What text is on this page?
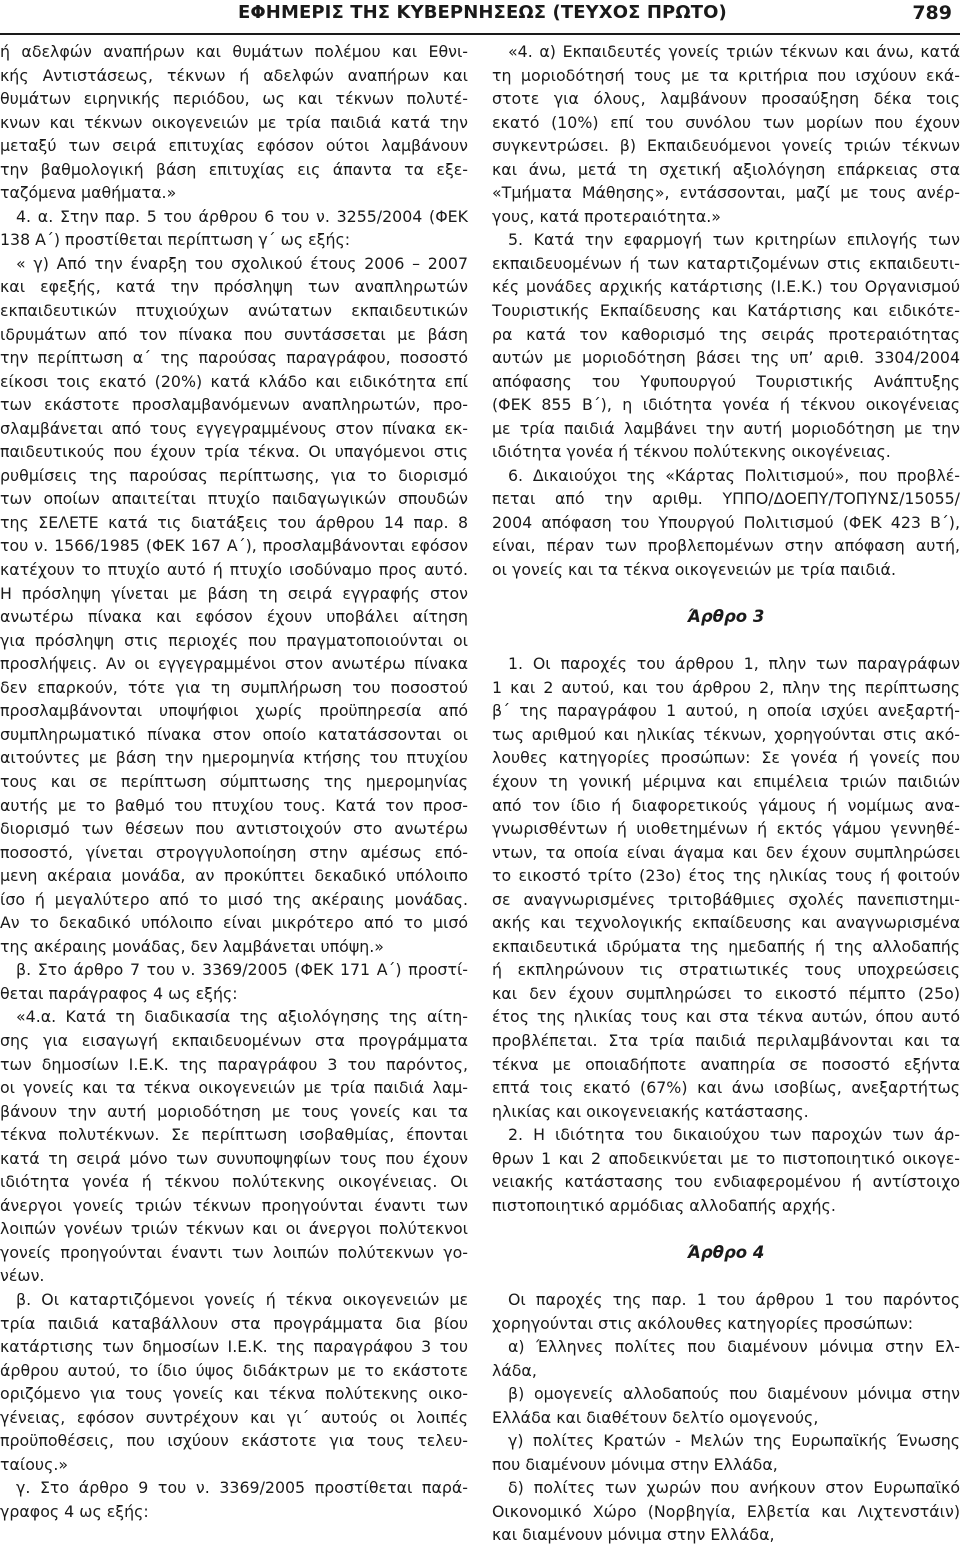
ΕΦΗΜΕΡΙΣ ΤΗΣ ΚΥΒΕΡΝΗΣΕΩΣ (ΤΕΥΧΟΣ ΠΡΩΤΟ)	789
ή αδελφών αναπήρων και θυμάτων πολέμου και Εθνι-
κής Αντιστάσεως, τέκνων ή αδελφών αναπήρων και
θυμάτων ειρηνικής περιόδου, ως και τέκνων πολυτέ-
κνων και τέκνων οικογενειών με τρία παιδιά κατά την
μεταξύ των σειρά επιτυχίας εφόσον ούτοι λαμβάνουν
την βαθμολογική βάση επιτυχίας εις άπαντα τα εξε-
ταζόμενα μαθήματα.»
4. α. Στην παρ. 5 του άρθρου 6 του ν. 3255/2004 (ΦΕΚ
138 Α΄) προστίθεται περίπτωση γ΄ ως εξής:
« γ) Από την έναρξη του σχολικού έτους 2006 – 2007
και εφεξής, κατά την πρόσληψη των αναπληρωτών
εκπαιδευτικών πτυχιούχων ανώτατων εκπαιδευτικών
ιδρυμάτων από τον πίνακα που συντάσσεται με βάση
την περίπτωση α΄ της παρούσας παραγράφου, ποσοστό
είκοσι τοις εκατό (20%) κατά κλάδο και ειδικότητα επί
των εκάστοτε προσλαμβανόμενων αναπληρωτών, προ-
σλαμβάνεται από τους εγγεγραμμένους στον πίνακα εκ-
παιδευτικούς που έχουν τρία τέκνα. Οι υπαγόμενοι στις
ρυθμίσεις της παρούσας περίπτωσης, για το διορισμό
των οποίων απαιτείται πτυχίο παιδαγωγικών σπουδών
της ΣΕΛΕΤΕ κατά τις διατάξεις του άρθρου 14 παρ. 8
του ν. 1566/1985 (ΦΕΚ 167 Α΄), προσλαμβάνονται εφόσον
κατέχουν το πτυχίο αυτό ή πτυχίο ισοδύναμο προς αυτό.
Η πρόσληψη γίνεται με βάση τη σειρά εγγραφής στον
ανωτέρω πίνακα και εφόσον έχουν υποβάλει αίτηση
για πρόσληψη στις περιοχές που πραγματοποιούνται οι
προσλήψεις. Αν οι εγγεγραμμένοι στον ανωτέρω πίνακα
δεν επαρκούν, τότε για τη συμπλήρωση του ποσοστού
προσλαμβάνονται υποψήφιοι χωρίς προϋπηρεσία από
συμπληρωματικό πίνακα στον οποίο κατατάσσονται οι
αιτούντες με βάση την ημερομηνία κτήσης του πτυχίου
τους και σε περίπτωση σύμπτωσης της ημερομηνίας
αυτής με το βαθμό του πτυχίου τους. Κατά τον προσ-
διορισμό των θέσεων που αντιστοιχούν στο ανωτέρω
ποσοστό, γίνεται στρογγυλοποίηση στην αμέσως επό-
μενη ακέραια μονάδα, αν προκύπτει δεκαδικό υπόλοιπο
ίσο ή μεγαλύτερο από το μισό της ακέραιης μονάδας.
Αν το δεκαδικό υπόλοιπο είναι μικρότερο από το μισό
της ακέραιης μονάδας, δεν λαμβάνεται υπόψη.»
β. Στο άρθρο 7 του ν. 3369/2005 (ΦΕΚ 171 Α΄) προστί-
θεται παράγραφος 4 ως εξής:
«4.α. Κατά τη διαδικασία της αξιολόγησης της αίτη-
σης για εισαγωγή εκπαιδευομένων στα προγράμματα
των δημοσίων Ι.Ε.Κ. της παραγράφου 3 του παρόντος,
οι γονείς και τα τέκνα οικογενειών με τρία παιδιά λαμ-
βάνουν την αυτή μοριοδότηση με τους γονείς και τα
τέκνα πολυτέκνων. Σε περίπτωση ισοβαθμίας, έπονται
κατά τη σειρά μόνο των συνυποψηφίων τους που έχουν
ιδιότητα γονέα ή τέκνου πολύτεκνης οικογένειας. Οι
άνεργοι γονείς τριών τέκνων προηγούνται έναντι των
λοιπών γονέων τριών τέκνων και οι άνεργοι πολύτεκνοι
γονείς προηγούνται έναντι των λοιπών πολύτεκνων γο-
νέων.
β. Οι καταρτιζόμενοι γονείς ή τέκνα οικογενειών με
τρία παιδιά καταβάλλουν στα προγράμματα δια βίου
κατάρτισης των δημοσίων Ι.Ε.Κ. της παραγράφου 3 του
άρθρου αυτού, το ίδιο ύψος διδάκτρων με το εκάστοτε
οριζόμενο για τους γονείς και τέκνα πολύτεκνης οικο-
γένειας, εφόσον συντρέχουν και γι΄ αυτούς οι λοιπές
προϋποθέσεις, που ισχύουν εκάστοτε για τους τελευ-
ταίους.»
γ. Στο άρθρο 9 του ν. 3369/2005 προστίθεται παρά-
γραφος 4 ως εξής:
«4. α) Εκπαιδευτές γονείς τριών τέκνων και άνω, κατά
τη μοριοδότησή τους με τα κριτήρια που ισχύουν εκά-
στοτε για όλους, λαμβάνουν προσαύξηση δέκα τοις
εκατό (10%) επί του συνόλου των μορίων που έχουν
συγκεντρώσει. β) Εκπαιδευόμενοι γονείς τριών τέκνων
και άνω, μετά τη σχετική αξιολόγηση επάρκειας στα
«Τμήματα Μάθησης», εντάσσονται, μαζί με τους ανέρ-
γους, κατά προτεραιότητα.»
5. Κατά την εφαρμογή των κριτηρίων επιλογής των
εκπαιδευομένων ή των καταρτιζομένων στις εκπαιδευτι-
κές μονάδες αρχικής κατάρτισης (Ι.Ε.Κ.) του Οργανισμού
Τουριστικής Εκπαίδευσης και Κατάρτισης και ειδικότε-
ρα κατά τον καθορισμό της σειράς προτεραιότητας
αυτών με μοριοδότηση βάσει της υπ’ αριθ. 3304/2004
απόφασης του Υφυπουργού Τουριστικής Ανάπτυξης
(ΦΕΚ 855 Β΄), η ιδιότητα γονέα ή τέκνου οικογένειας
με τρία παιδιά λαμβάνει την αυτή μοριοδότηση με την
ιδιότητα γονέα ή τέκνου πολύτεκνης οικογένειας.
6. Δικαιούχοι της «Κάρτας Πολιτισμού», που προβλέ-
πεται από την αριθμ. ΥΠΠΟ/ΔΟΕΠΥ/ΤΟΠΥΝΣ/15055/
2004 απόφαση του Υπουργού Πολιτισμού (ΦΕΚ 423 Β΄),
είναι, πέραν των προβλεπομένων στην απόφαση αυτή,
οι γονείς και τα τέκνα οικογενειών με τρία παιδιά.

Άρθρο 3

1. Οι παροχές του άρθρου 1, πλην των παραγράφων
1 και 2 αυτού, και του άρθρου 2, πλην της περίπτωσης
β΄ της παραγράφου 1 αυτού, η οποία ισχύει ανεξαρτή-
τως αριθμού και ηλικίας τέκνων, χορηγούνται στις ακό-
λουθες κατηγορίες προσώπων: Σε γονέα ή γονείς που
έχουν τη γονική μέριμνα και επιμέλεια τριών παιδιών
από τον ίδιο ή διαφορετικούς γάμους ή νομίμως ανα-
γνωρισθέντων ή υιοθετημένων ή εκτός γάμου γεννηθέ-
ντων, τα οποία είναι άγαμα και δεν έχουν συμπληρώσει
το εικοστό τρίτο (23ο) έτος της ηλικίας τους ή φοιτούν
σε αναγνωρισμένες τριτοβάθμιες σχολές πανεπιστημι-
ακής και τεχνολογικής εκπαίδευσης και αναγνωρισμένα
εκπαιδευτικά ιδρύματα της ημεδαπής ή της αλλοδαπής
ή εκπληρώνουν τις στρατιωτικές τους υποχρεώσεις
και δεν έχουν συμπληρώσει το εικοστό πέμπτο (25ο)
έτος της ηλικίας τους και στα τέκνα αυτών, όπου αυτό
προβλέπεται. Στα τρία παιδιά περιλαμβάνονται και τα
τέκνα με οποιαδήποτε αναπηρία σε ποσοστό εξήντα
επτά τοις εκατό (67%) και άνω ισοβίως, ανεξαρτήτως
ηλικίας και οικογενειακής κατάστασης.
2. Η ιδιότητα του δικαιούχου των παροχών των άρ-
θρων 1 και 2 αποδεικνύεται με το πιστοποιητικό οικογε-
νειακής κατάστασης του ενδιαφερομένου ή αντίστοιχο
πιστοποιητικό αρμόδιας αλλοδαπής αρχής.

Άρθρο 4

Οι παροχές της παρ. 1 του άρθρου 1 του παρόντος
χορηγούνται στις ακόλουθες κατηγορίες προσώπων:
α) Έλληνες πολίτες που διαμένουν μόνιμα στην Ελ-
λάδα,
β) ομογενείς αλλοδαπούς που διαμένουν μόνιμα στην
Ελλάδα και διαθέτουν δελτίο ομογενούς,
γ) πολίτες Κρατών - Μελών της Ευρωπαϊκής Ένωσης
που διαμένουν μόνιμα στην Ελλάδα,
δ) πολίτες των χωρών που ανήκουν στον Ευρωπαϊκό
Οικονομικό Χώρο (Νορβηγία, Ελβετία και Λιχτενστάιν)
και διαμένουν μόνιμα στην Ελλάδα,
